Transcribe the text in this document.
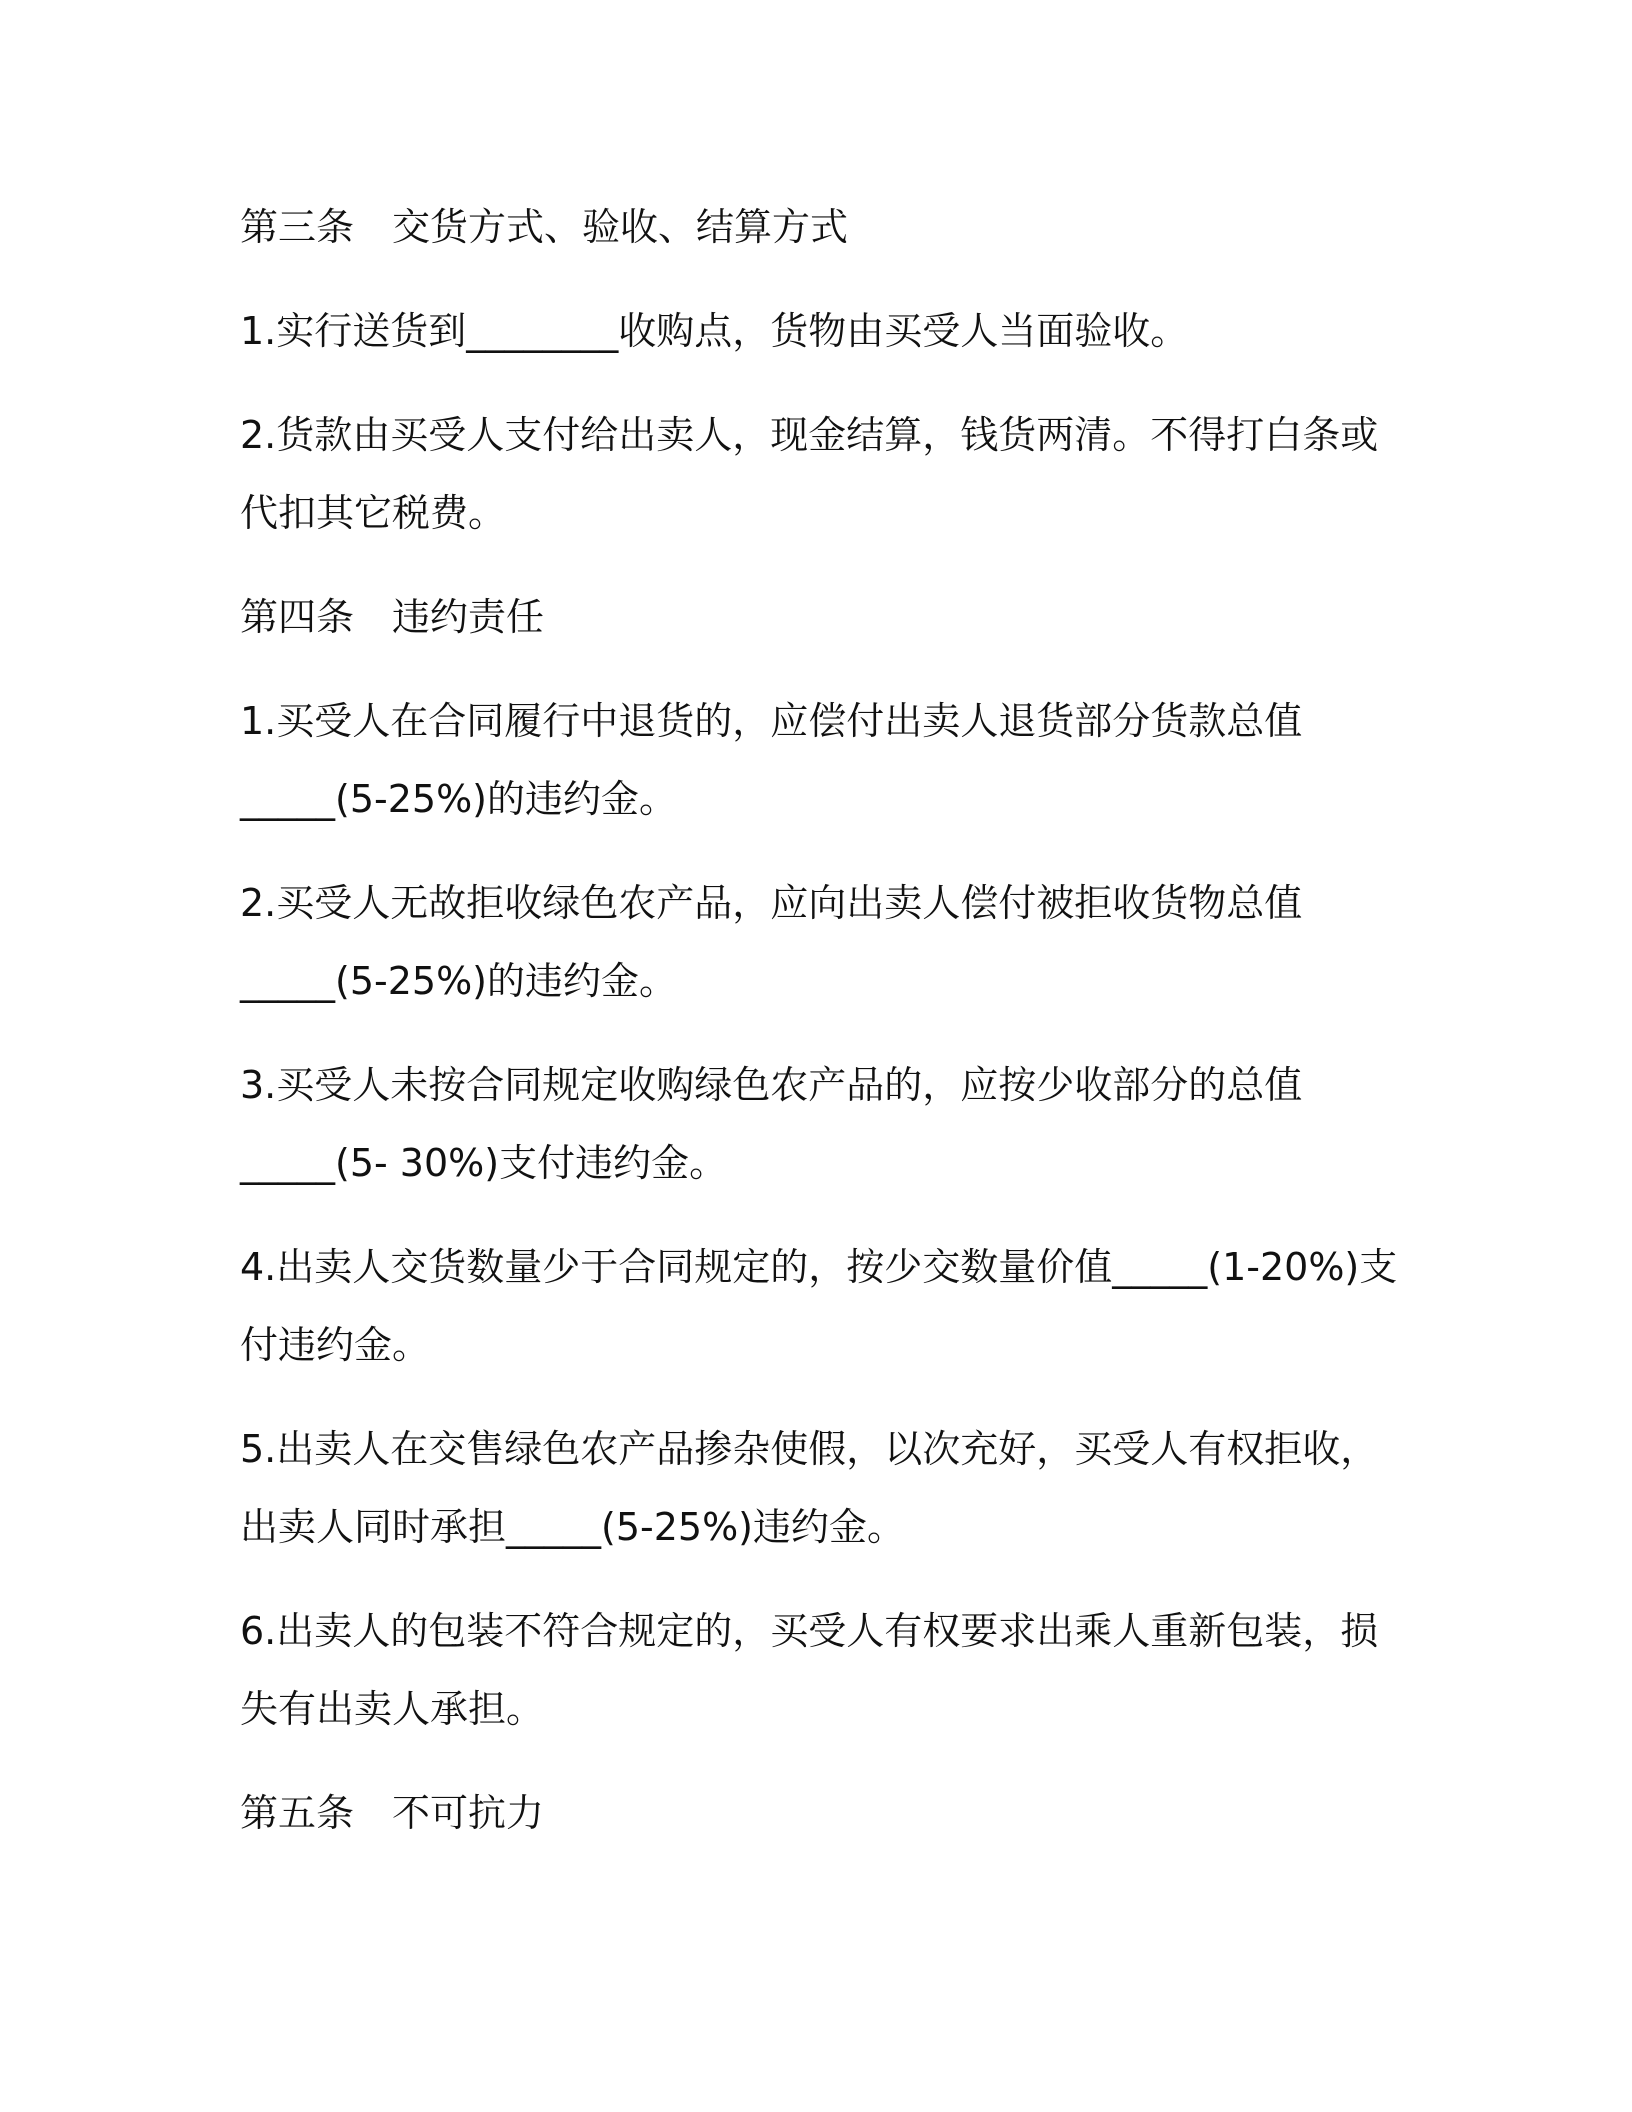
第三条　交货方式、验收、结算方式

1.实行送货到________收购点，货物由买受人当面验收。

2.货款由买受人支付给出卖人，现金结算，钱货两清。不得打白条或代扣其它税费。

第四条　违约责任

1.买受人在合同履行中退货的，应偿付出卖人退货部分货款总值_____(5-25%)的违约金。

2.买受人无故拒收绿色农产品，应向出卖人偿付被拒收货物总值_____(5-25%)的违约金。

3.买受人未按合同规定收购绿色农产品的，应按少收部分的总值_____(5- 30%)支付违约金。

4.出卖人交货数量少于合同规定的，按少交数量价值_____(1-20%)支付违约金。

5.出卖人在交售绿色农产品掺杂使假，以次充好，买受人有权拒收，出卖人同时承担_____(5-25%)违约金。

6.出卖人的包装不符合规定的，买受人有权要求出乘人重新包装，损失有出卖人承担。

第五条　不可抗力
